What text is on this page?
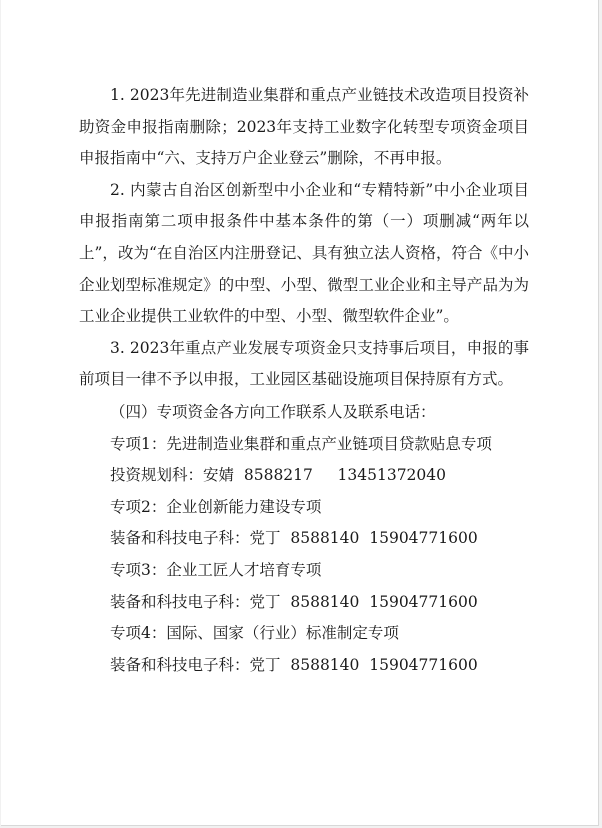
1. 2023年先进制造业集群和重点产业链技术改造项目投资补助资金申报指南删除；2023年支持工业数字化转型专项资金项目申报指南中“六、支持万户企业登云”删除，不再申报。

2. 内蒙古自治区创新型中小企业和“专精特新”中小企业项目申报指南第二项申报条件中基本条件的第（一）项删减“两年以上”，改为“在自治区内注册登记、具有独立法人资格，符合《中小企业划型标准规定》的中型、小型、微型工业企业和主导产品为为工业企业提供工业软件的中型、小型、微型软件企业”。

3. 2023年重点产业发展专项资金只支持事后项目，申报的事前项目一律不予以申报，工业园区基础设施项目保持原有方式。

（四）专项资金各方向工作联系人及联系电话：

专项1：先进制造业集群和重点产业链项目贷款贴息专项

投资规划科：安婧  8588217     13451372040

专项2：企业创新能力建设专项

装备和科技电子科：党丁  8588140  15904771600

专项3：企业工匠人才培育专项

装备和科技电子科：党丁  8588140  15904771600

专项4：国际、国家（行业）标准制定专项

装备和科技电子科：党丁  8588140  15904771600
